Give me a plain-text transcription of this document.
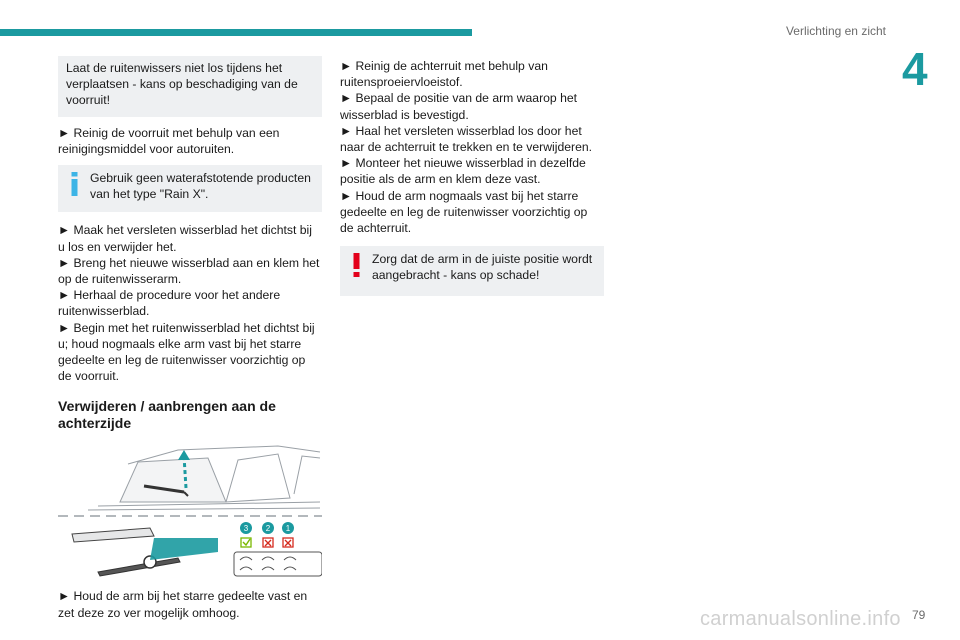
Verlichting en zicht
4

Laat de ruitenwissers niet los tijdens het verplaatsen - kans op beschadiging van de voorruit!

► Reinig de voorruit met behulp van een reinigingsmiddel voor autoruiten.

Gebruik geen waterafstotende producten van het type "Rain X".

► Maak het versleten wisserblad het dichtst bij u los en verwijder het.

► Breng het nieuwe wisserblad aan en klem het op de ruitenwisserarm.

► Herhaal de procedure voor het andere ruitenwisserblad.

► Begin met het ruitenwisserblad het dichtst bij u; houd nogmaals elke arm vast bij het starre gedeelte en leg de ruitenwisser voorzichtig op de voorruit.

Verwijderen / aanbrengen aan de achterzijde

3 2 1

► Houd de arm bij het starre gedeelte vast en zet deze zo ver mogelijk omhoog.

► Reinig de achterruit met behulp van ruitensproeiervloeistof.

► Bepaal de positie van de arm waarop het wisserblad is bevestigd.

► Haal het versleten wisserblad los door het naar de achterruit te trekken en te verwijderen.

► Monteer het nieuwe wisserblad in dezelfde positie als de arm en klem deze vast.

► Houd de arm nogmaals vast bij het starre gedeelte en leg de ruitenwisser voorzichtig op de achterruit.

Zorg dat de arm in de juiste positie wordt aangebracht - kans op schade!

carmanualsonline.info 79
